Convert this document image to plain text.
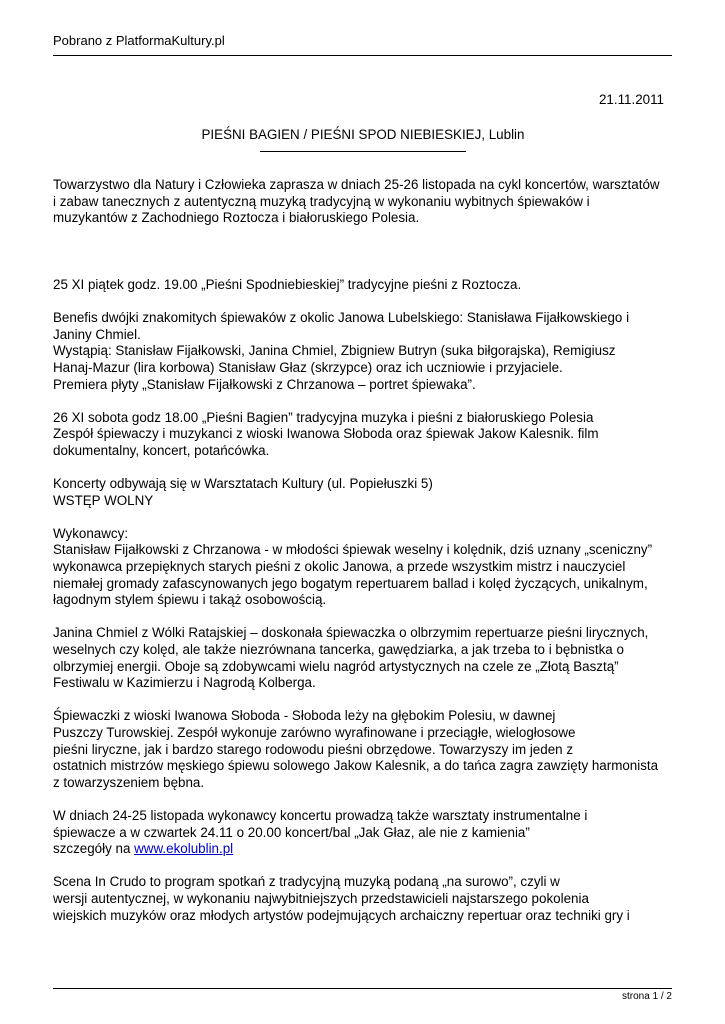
Pobrano z PlatformaKultury.pl
21.11.2011
PIEŚNI BAGIEN / PIEŚNI SPOD NIEBIESKIEJ, Lublin

Towarzystwo dla Natury i Człowieka zaprasza w dniach 25-26 listopada na cykl koncertów, warsztatów

i zabaw tanecznych z autentyczną muzyką tradycyjną w wykonaniu wybitnych śpiewaków i

muzykantów z Zachodniego Roztocza i białoruskiego Polesia.

25 XI piątek godz. 19.00 „Pieśni Spodniebieskiej” tradycyjne pieśni z Roztocza.

Benefis dwójki znakomitych śpiewaków z okolic Janowa Lubelskiego: Stanisława Fijałkowskiego i

Janiny Chmiel.

Wystąpią: Stanisław Fijałkowski, Janina Chmiel, Zbigniew Butryn (suka biłgorajska), Remigiusz

Hanaj-Mazur (lira korbowa) Stanisław Głaz (skrzypce) oraz ich uczniowie i przyjaciele.

Premiera płyty „Stanisław Fijałkowski z Chrzanowa – portret śpiewaka”.

26 XI sobota godz 18.00 „Pieśni Bagien” tradycyjna muzyka i pieśni z białoruskiego Polesia

Zespół śpiewaczy i muzykanci z wioski Iwanowa Słoboda oraz śpiewak Jakow Kalesnik. film

dokumentalny, koncert, potańcówka.

Koncerty odbywają się w Warsztatach Kultury (ul. Popiełuszki 5)

WSTĘP WOLNY

Wykonawcy:

Stanisław Fijałkowski z Chrzanowa - w młodości śpiewak weselny i kolędnik, dziś uznany „sceniczny”

wykonawca przepięknych starych pieśni z okolic Janowa, a przede wszystkim mistrz i nauczyciel

niemałej gromady zafascynowanych jego bogatym repertuarem ballad i kolęd życzących, unikalnym,

łagodnym stylem śpiewu i takąż osobowością.

Janina Chmiel z Wólki Ratajskiej – doskonała śpiewaczka o olbrzymim repertuarze pieśni lirycznych,

weselnych czy kolęd, ale także niezrównana tancerka, gawędziarka, a jak trzeba to i bębnistka o

olbrzymiej energii. Oboje są zdobywcami wielu nagród artystycznych na czele ze „Złotą Basztą”

Festiwalu w Kazimierzu i Nagrodą Kolberga.

Śpiewaczki z wioski Iwanowa Słoboda - Słoboda leży na głębokim Polesiu, w dawnej

Puszczy Turowskiej. Zespół wykonuje zarówno wyrafinowane i przeciągłe, wielogłosowe

pieśni liryczne, jak i bardzo starego rodowodu pieśni obrzędowe. Towarzyszy im jeden z

ostatnich mistrzów męskiego śpiewu solowego Jakow Kalesnik, a do tańca zagra zawzięty harmonista

z towarzyszeniem bębna.

W dniach 24-25 listopada wykonawcy koncertu prowadzą także warsztaty instrumentalne i

śpiewacze a w czwartek 24.11 o 20.00 koncert/bal „Jak Głaz, ale nie z kamienia”

szczegóły na www.ekolublin.pl

Scena In Crudo to program spotkań z tradycyjną muzyką podaną „na surowo”, czyli w

wersji autentycznej, w wykonaniu najwybitniejszych przedstawicieli najstarszego pokolenia

wiejskich muzyków oraz młodych artystów podejmujących archaiczny repertuar oraz techniki gry i

strona 1 / 2
